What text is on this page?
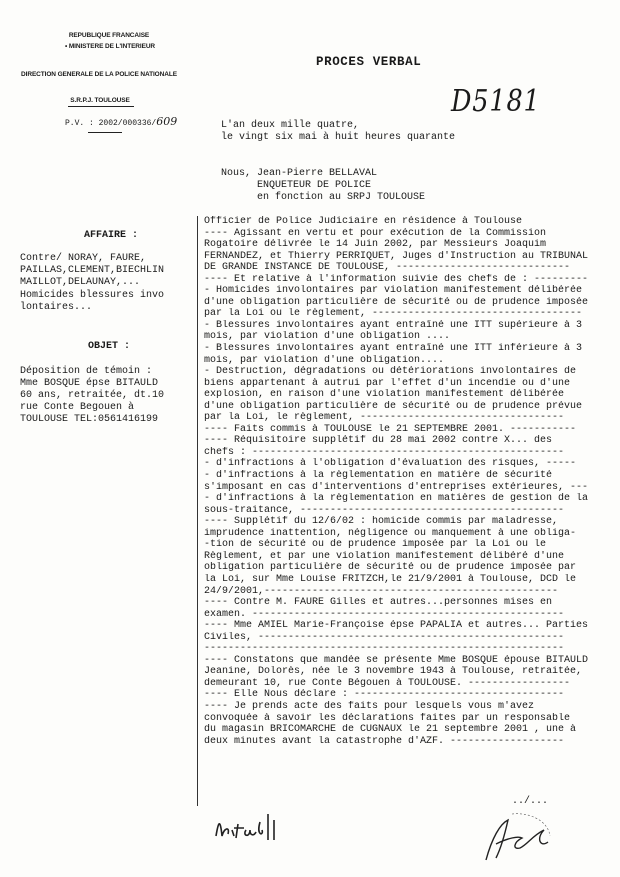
REPUBLIQUE FRANCAISE
• MINISTERE DE L'INTERIEUR
DIRECTION GENERALE DE LA POLICE NATIONALE
S.R.P.J. TOULOUSE
P.V. : 2002/000336/609
PROCES VERBAL
D5181
L'an deux mille quatre,
le vingt six mai à huit heures quarante
Nous, Jean-Pierre BELLAVAL
ENQUETEUR DE POLICE
en fonction au SRPJ TOULOUSE
AFFAIRE :
Contre/ NORAY, FAURE,
PAILLAS,CLEMENT,BIECHLIN
MAILLOT,DELAUNAY,...
Homicides blessures invo
lontaires...
OBJET :
Déposition de témoin :
Mme BOSQUE épse BITAULD
60 ans, retraitée, dt.10
rue Conte Begouen à
TOULOUSE TEL:0561416199
Officier de Police Judiciaire en résidence à Toulouse
---- Agissant en vertu et pour exécution de la Commission
Rogatoire délivrée le 14 Juin 2002, par Messieurs Joaquim
FERNANDEZ, et Thierry PERRIQUET, Juges d'Instruction au TRIBUNAL
DE GRANDE INSTANCE DE TOULOUSE, -----------------------------
---- Et relative à l'information suivie des chefs de : ---------
- Homicides involontaires par violation manifestement délibérée
d'une obligation particulière de sécurité ou de prudence imposée
par la Loi ou le règlement, -----------------------------------
- Blessures involontaires ayant entraîné une ITT supérieure à 3
mois, par violation d'une obligation ....
- Blessures involontaires ayant entraîné une ITT inférieure à 3
mois, par violation d'une obligation....
- Destruction, dégradations ou détériorations involontaires de
biens appartenant à autrui par l'effet d'un incendie ou d'une
explosion, en raison d'une violation manifestement délibérée
d'une obligation particulière de sécurité ou de prudence prévue
par la Loi, le règlement, ----------------------------------
---- Faits commis à TOULOUSE le 21 SEPTEMBRE 2001. -----------
---- Réquisitoire supplétif du 28 mai 2002 contre X... des
chefs : ----------------------------------------------------
- d'infractions à l'obligation d'évaluation des risques, -----
- d'infractions à la règlementation en matière de sécurité
s'imposant en cas d'interventions d'entreprises extérieures, ---
- d'infractions à la règlementation en matières de gestion de la
sous-traitance, --------------------------------------------
---- Supplétif du 12/6/02 : homicide commis par maladresse,
imprudence inattention, négligence ou manquement à une obliga-
-tion de sécurité ou de prudence imposée par la Loi ou le
Règlement, et par une violation manifestement délibéré d'une
obligation particulière de sécurité ou de prudence imposée par
la Loi, sur Mme Louise FRITZCH,le 21/9/2001 à Toulouse, DCD le
24/9/2001,-------------------------------------------------
---- Contre M. FAURE Gilles et autres...personnes mises en
examen. ----------------------------------------------------
---- Mme AMIEL Marie-Françoise épse PAPALIA et autres... Parties
Civiles, ---------------------------------------------------
------------------------------------------------------------
---- Constatons que mandée se présente Mme BOSQUE épouse BITAULD
Jeanine, Dolorès, née le 3 novembre 1943 à Toulouse, retraitée,
demeurant 10, rue Conte Bégouen à TOULOUSE. -----------------
---- Elle Nous déclare : -----------------------------------
---- Je prends acte des faits pour lesquels vous m'avez
convoquée à savoir les déclarations faites par un responsable
du magasin BRICOMARCHE de CUGNAUX le 21 septembre 2001 , une à
deux minutes avant la catastrophe d'AZF. -------------------
../...
